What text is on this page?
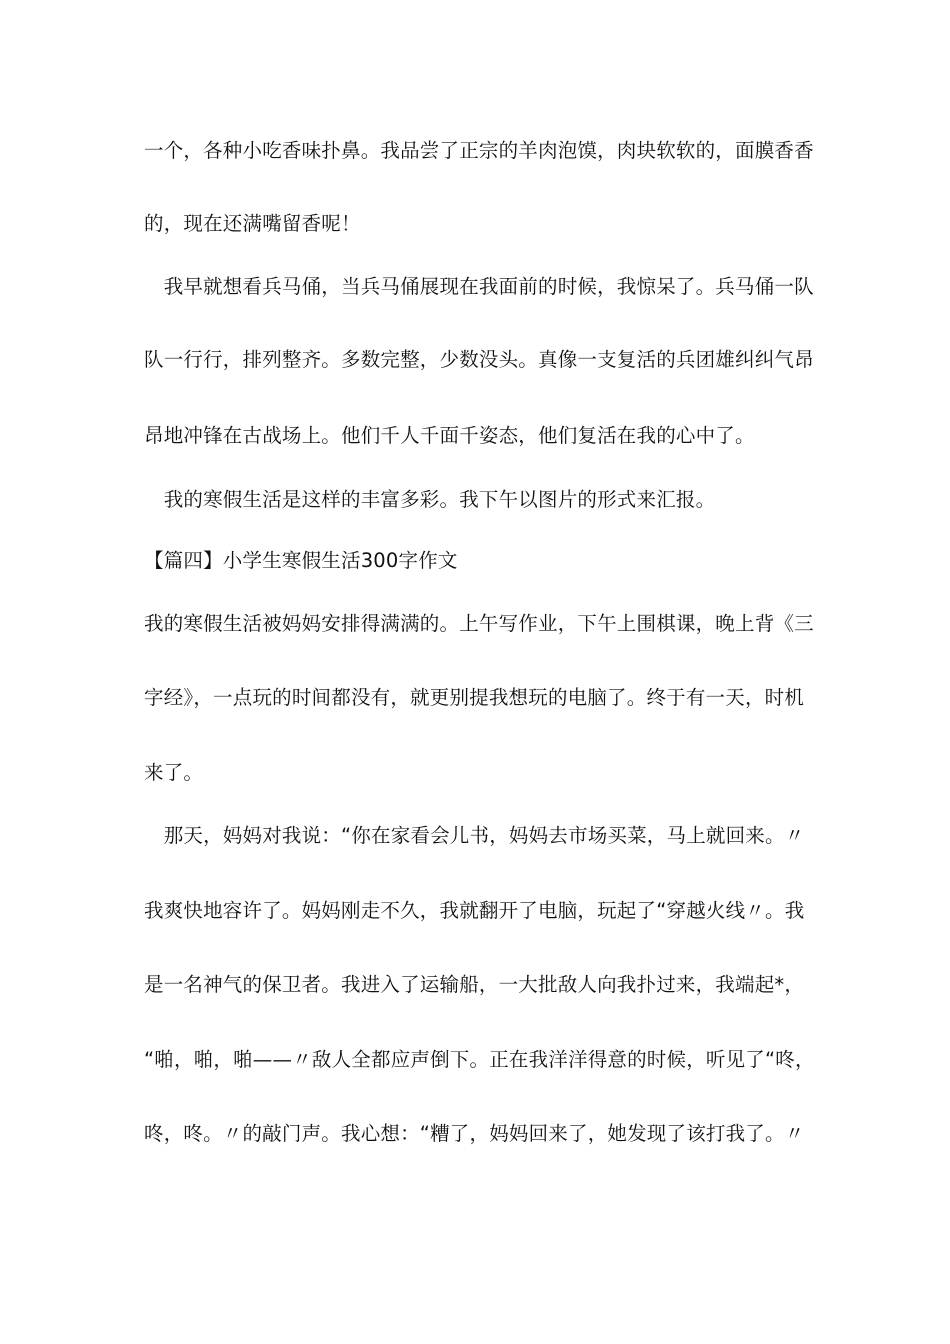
一个，各种小吃香味扑鼻。我品尝了正宗的羊肉泡馍，肉块软软的，面膜香香
的，现在还满嘴留香呢！
　我早就想看兵马俑，当兵马俑展现在我面前的时候，我惊呆了。兵马俑一队
队一行行，排列整齐。多数完整，少数没头。真像一支复活的兵团雄纠纠气昂
昂地冲锋在古战场上。他们千人千面千姿态，他们复活在我的心中了。
　我的寒假生活是这样的丰富多彩。我下午以图片的形式来汇报。
【篇四】小学生寒假生活300字作文
我的寒假生活被妈妈安排得满满的。上午写作业，下午上围棋课，晚上背《三
字经》，一点玩的时间都没有，就更别提我想玩的电脑了。终于有一天，时机
来了。
　那天，妈妈对我说：“你在家看会儿书，妈妈去市场买菜，马上就回来。〃
我爽快地容许了。妈妈刚走不久，我就翻开了电脑，玩起了“穿越火线〃。我
是一名神气的保卫者。我进入了运输船，一大批敌人向我扑过来，我端起*，
“啪，啪，啪——〃敌人全都应声倒下。正在我洋洋得意的时候，听见了“咚，
咚，咚。〃的敲门声。我心想：“糟了，妈妈回来了，她发现了该打我了。〃
